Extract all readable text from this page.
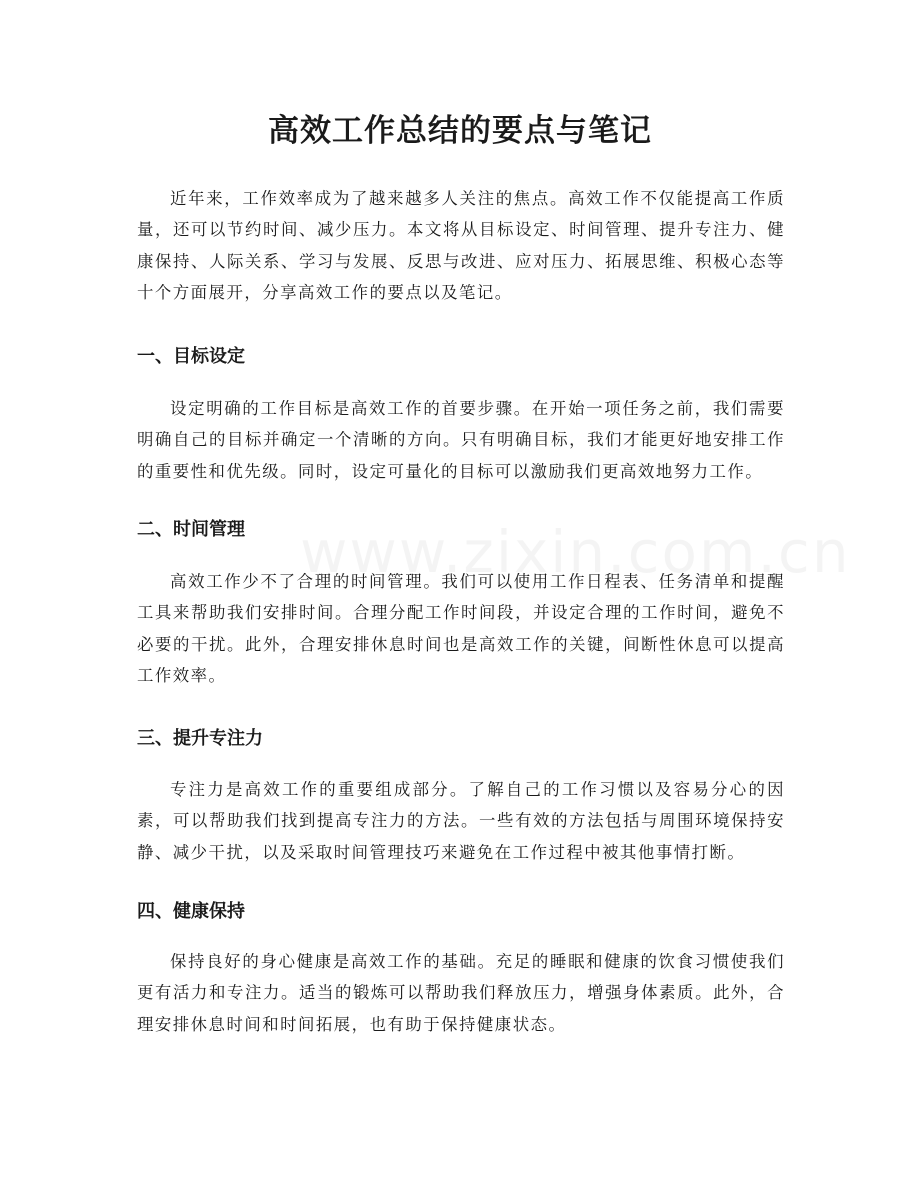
高效工作总结的要点与笔记

近年来，工作效率成为了越来越多人关注的焦点。高效工作不仅能提高工作质量，还可以节约时间、减少压力。本文将从目标设定、时间管理、提升专注力、健康保持、人际关系、学习与发展、反思与改进、应对压力、拓展思维、积极心态等十个方面展开，分享高效工作的要点以及笔记。

一、目标设定

设定明确的工作目标是高效工作的首要步骤。在开始一项任务之前，我们需要明确自己的目标并确定一个清晰的方向。只有明确目标，我们才能更好地安排工作的重要性和优先级。同时，设定可量化的目标可以激励我们更高效地努力工作。

二、时间管理

高效工作少不了合理的时间管理。我们可以使用工作日程表、任务清单和提醒工具来帮助我们安排时间。合理分配工作时间段，并设定合理的工作时间，避免不必要的干扰。此外，合理安排休息时间也是高效工作的关键，间断性休息可以提高工作效率。

三、提升专注力

专注力是高效工作的重要组成部分。了解自己的工作习惯以及容易分心的因素，可以帮助我们找到提高专注力的方法。一些有效的方法包括与周围环境保持安静、减少干扰，以及采取时间管理技巧来避免在工作过程中被其他事情打断。

四、健康保持

保持良好的身心健康是高效工作的基础。充足的睡眠和健康的饮食习惯使我们更有活力和专注力。适当的锻炼可以帮助我们释放压力，增强身体素质。此外，合理安排休息时间和时间拓展，也有助于保持健康状态。
